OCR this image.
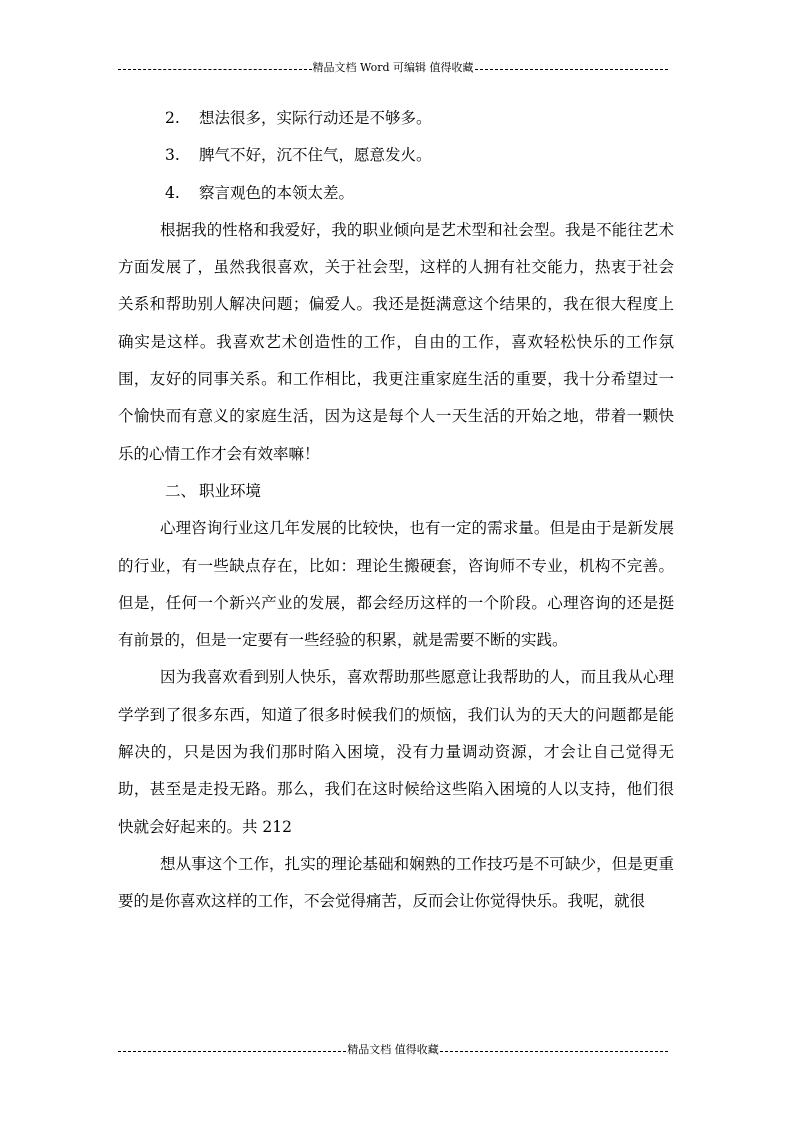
精品文档 Word 可编辑 值得收藏

2. 想法很多，实际行动还是不够多。

3. 脾气不好，沉不住气，愿意发火。

4. 察言观色的本领太差。

根据我的性格和我爱好，我的职业倾向是艺术型和社会型。我是不能往艺术方面发展了，虽然我很喜欢，关于社会型，这样的人拥有社交能力，热衷于社会关系和帮助别人解决问题；偏爱人。我还是挺满意这个结果的，我在很大程度上确实是这样。我喜欢艺术创造性的工作，自由的工作，喜欢轻松快乐的工作氛围，友好的同事关系。和工作相比，我更注重家庭生活的重要，我十分希望过一个愉快而有意义的家庭生活，因为这是每个人一天生活的开始之地，带着一颗快乐的心情工作才会有效率嘛！

二、 职业环境

心理咨询行业这几年发展的比较快，也有一定的需求量。但是由于是新发展的行业，有一些缺点存在，比如：理论生搬硬套，咨询师不专业，机构不完善。但是，任何一个新兴产业的发展，都会经历这样的一个阶段。心理咨询的还是挺有前景的，但是一定要有一些经验的积累，就是需要不断的实践。

因为我喜欢看到别人快乐，喜欢帮助那些愿意让我帮助的人，而且我从心理学学到了很多东西，知道了很多时候我们的烦恼，我们认为的天大的问题都是能解决的，只是因为我们那时陷入困境，没有力量调动资源，才会让自己觉得无助，甚至是走投无路。那么，我们在这时候给这些陷入困境的人以支持，他们很快就会好起来的。共 212

想从事这个工作，扎实的理论基础和娴熟的工作技巧是不可缺少，但是更重要的是你喜欢这样的工作，不会觉得痛苦，反而会让你觉得快乐。我呢，就很

精品文档 值得收藏
